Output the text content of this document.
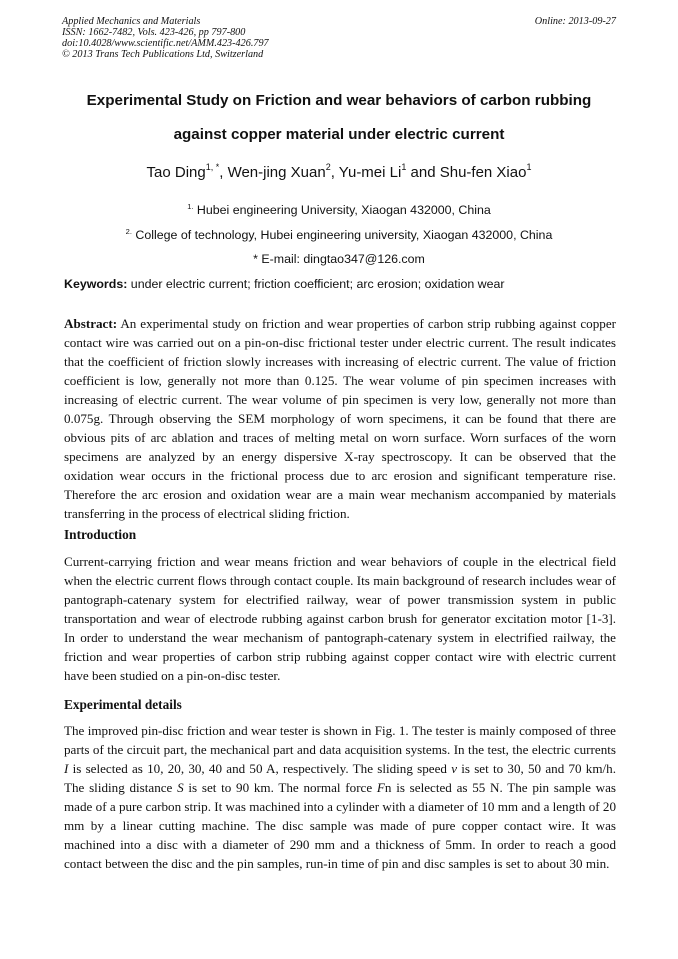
Applied Mechanics and Materials
ISSN: 1662-7482, Vols. 423-426, pp 797-800
doi:10.4028/www.scientific.net/AMM.423-426.797
© 2013 Trans Tech Publications Ltd, Switzerland
Online: 2013-09-27
Experimental Study on Friction and wear behaviors of carbon rubbing
against copper material under electric current
Tao Ding$^{1, *}$, Wen-jing Xuan$^2$, Yu-mei Li$^1$ and Shu-fen Xiao$^1$
$^{1.}$ Hubei engineering University, Xiaogan 432000, China
$^{2.}$ College of technology, Hubei engineering university, Xiaogan 432000, China
* E-mail: dingtao347@126.com
Keywords: under electric current; friction coefficient; arc erosion; oxidation wear
Abstract: An experimental study on friction and wear properties of carbon strip rubbing against copper contact wire was carried out on a pin-on-disc frictional tester under electric current. The result indicates that the coefficient of friction slowly increases with increasing of electric current. The value of friction coefficient is low, generally not more than 0.125. The wear volume of pin specimen increases with increasing of electric current. The wear volume of pin specimen is very low, generally not more than 0.075g. Through observing the SEM morphology of worn specimens, it can be found that there are obvious pits of arc ablation and traces of melting metal on worn surface. Worn surfaces of the worn specimens are analyzed by an energy dispersive X-ray spectroscopy. It can be observed that the oxidation wear occurs in the frictional process due to arc erosion and significant temperature rise. Therefore the arc erosion and oxidation wear are a main wear mechanism accompanied by materials transferring in the process of electrical sliding friction.
Introduction
Current-carrying friction and wear means friction and wear behaviors of couple in the electrical field when the electric current flows through contact couple. Its main background of research includes wear of pantograph-catenary system for electrified railway, wear of power transmission system in public transportation and wear of electrode rubbing against carbon brush for generator excitation motor [1-3]. In order to understand the wear mechanism of pantograph-catenary system in electrified railway, the friction and wear properties of carbon strip rubbing against copper contact wire with electric current have been studied on a pin-on-disc tester.
Experimental details
The improved pin-disc friction and wear tester is shown in Fig. 1. The tester is mainly composed of three parts of the circuit part, the mechanical part and data acquisition systems. In the test, the electric currents I is selected as 10, 20, 30, 40 and 50 A, respectively. The sliding speed v is set to 30, 50 and 70 km/h. The sliding distance S is set to 90 km. The normal force Fn is selected as 55 N. The pin sample was made of a pure carbon strip. It was machined into a cylinder with a diameter of 10 mm and a length of 20 mm by a linear cutting machine. The disc sample was made of pure copper contact wire. It was machined into a disc with a diameter of 290 mm and a thickness of 5mm. In order to reach a good contact between the disc and the pin samples, run-in time of pin and disc samples is set to about 30 min.
